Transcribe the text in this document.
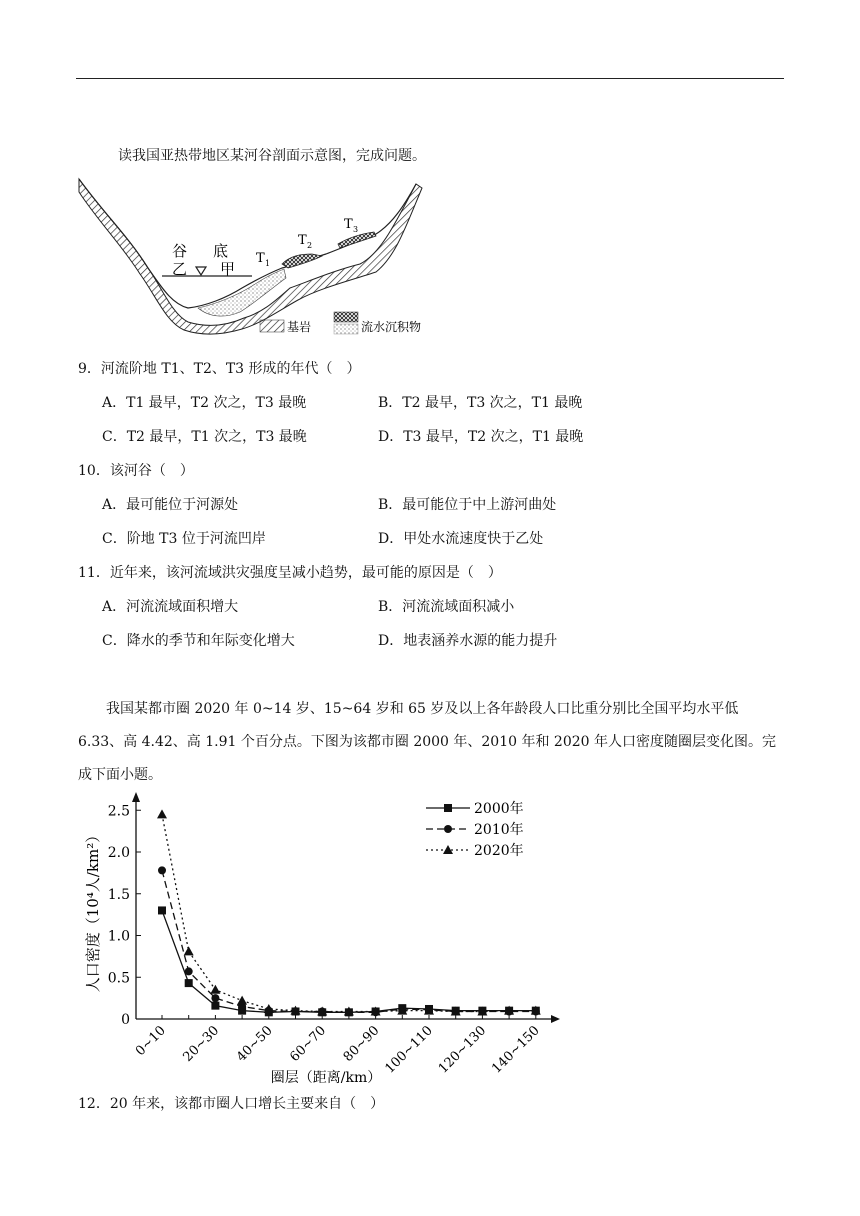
读我国亚热带地区某河谷剖面示意图，完成问题。
谷 底
乙 甲
T 1
T 2
T 3
基岩	流水沉积物
9．河流阶地 T1、T2、T3 形成的年代（　）
A．T1 最早，T2 次之，T3 最晚	B．T2 最早，T3 次之，T1 最晚
C．T2 最早，T1 次之，T3 最晚	D．T3 最早，T2 次之，T1 最晚
10．该河谷（　）
A．最可能位于河源处	B．最可能位于中上游河曲处
C．阶地 T3 位于河流凹岸	D．甲处水流速度快于乙处
11．近年来，该河流域洪灾强度呈减小趋势，最可能的原因是（　）
A．河流流域面积增大	B．河流流域面积减小
C．降水的季节和年际变化增大	D．地表涵养水源的能力提升
我国某都市圈 2020 年 0~14 岁、15~64 岁和 65 岁及以上各年龄段人口比重分别比全国平均水平低 6.33、高 4.42、高 1.91 个百分点。下图为该都市圈 2000 年、2010 年和 2020 年人口密度随圈层变化图。完成下面小题。
0
0.5
1.0
1.5
2.0
2.5
0~10 20~30 40~50 60~70 80~90 100~110 120~130 140~150
圈层（距离/km）
人口密度（10⁴人/km²）
2000年
2010年
2020年
12．20 年来，该都市圈人口增长主要来自（　）
